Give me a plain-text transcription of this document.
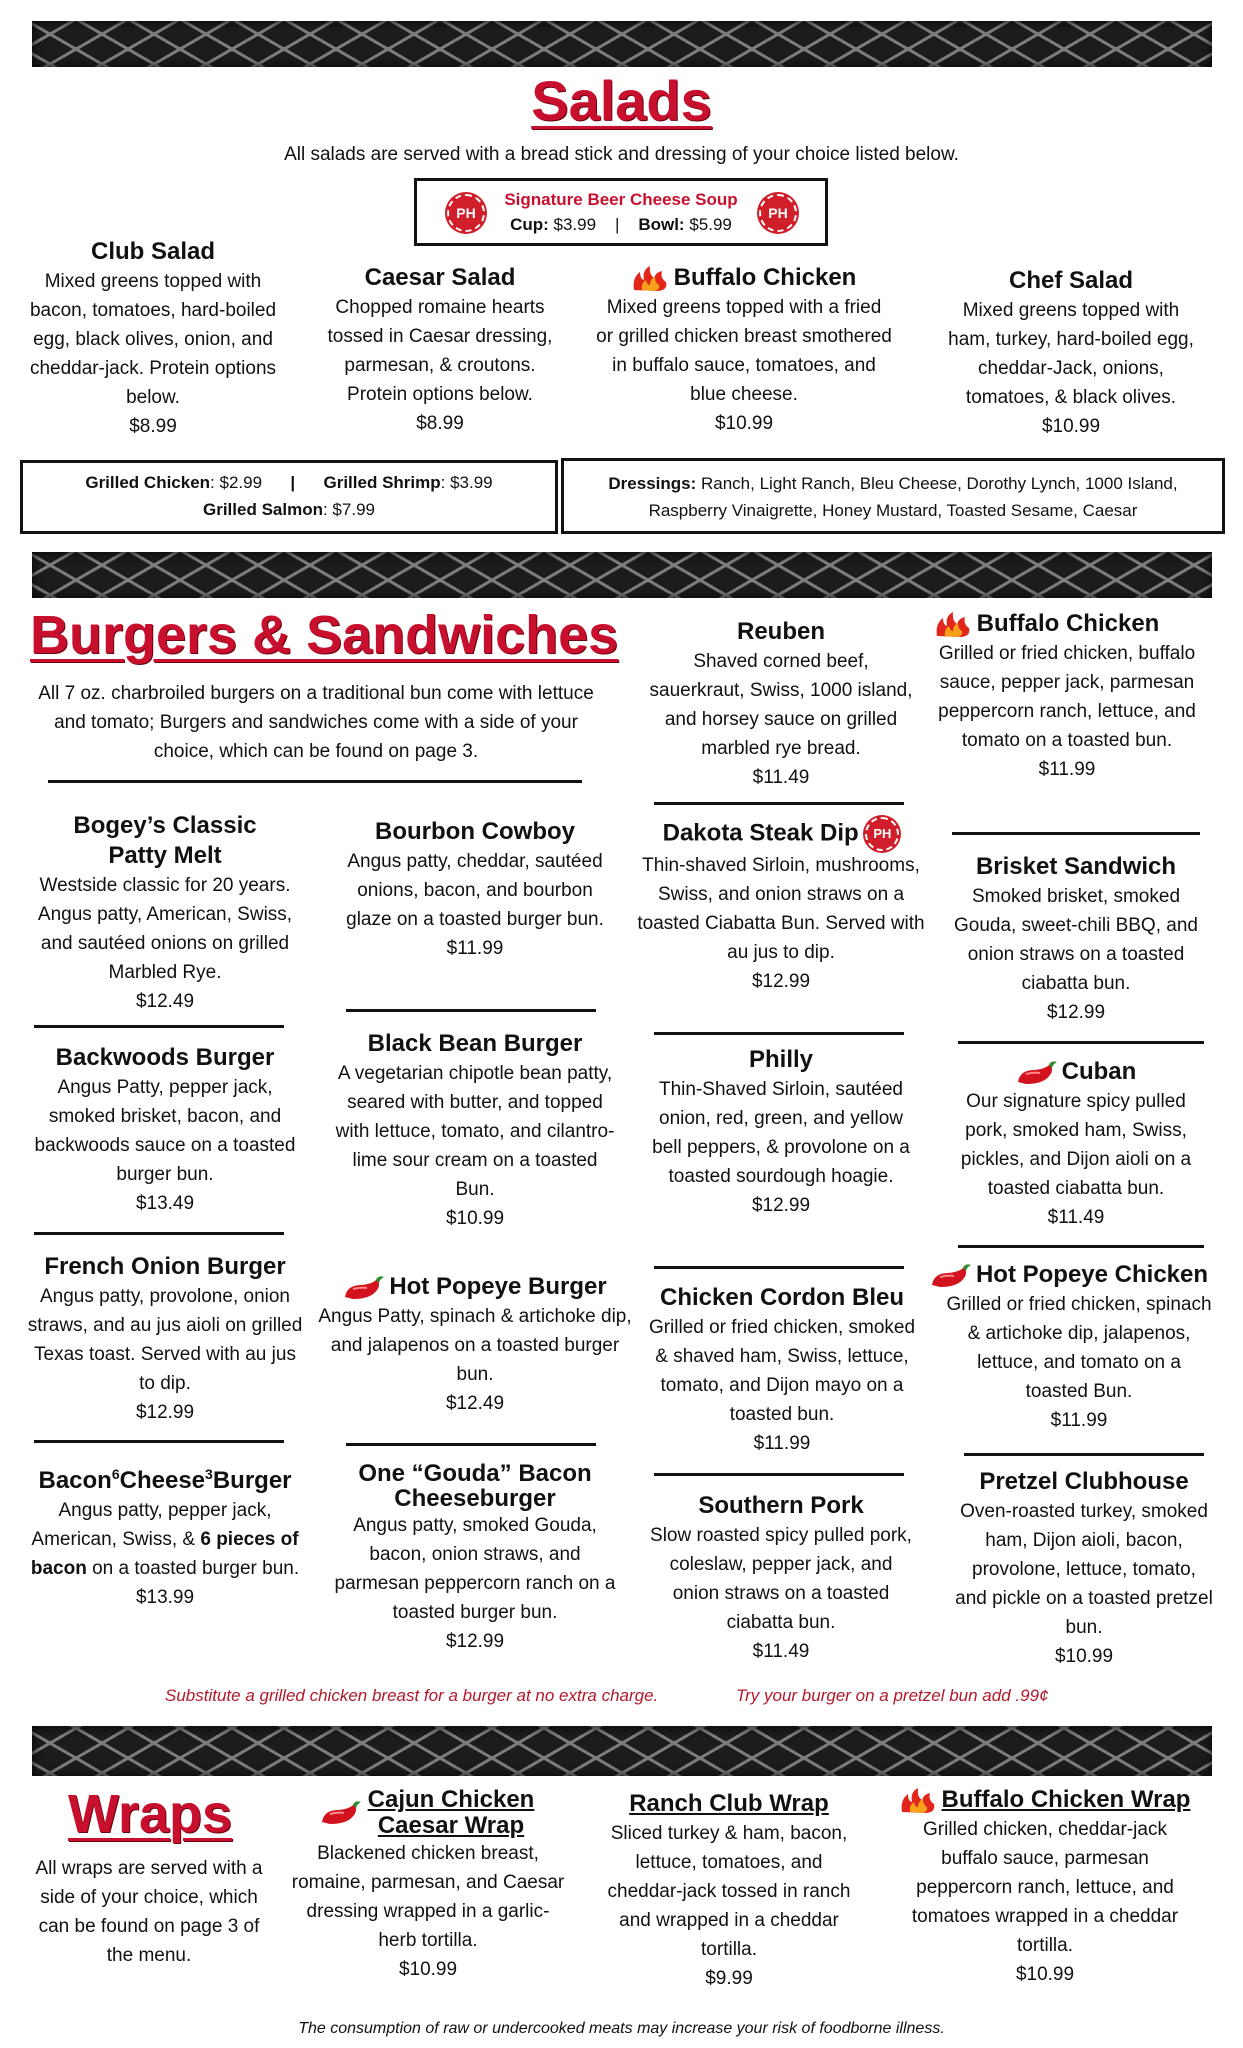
Salads
All salads are served with a bread stick and dressing of your choice listed below.
PH	PH
Signature Beer Cheese Soup
Cup: $3.99 | Bowl: $5.99
Club Salad
Mixed greens topped with bacon, tomatoes, hard-boiled egg, black olives, onion, and cheddar-jack. Protein options below.
$8.99
Caesar Salad
Chopped romaine hearts tossed in Caesar dressing, parmesan, & croutons. Protein options below.
$8.99
Buffalo Chicken
Mixed greens topped with a fried or grilled chicken breast smothered in buffalo sauce, tomatoes, and blue cheese.
$10.99
Chef Salad
Mixed greens topped with ham, turkey, hard-boiled egg, cheddar-Jack, onions, tomatoes, & black olives.
$10.99
Grilled Chicken: $2.99 | Grilled Shrimp: $3.99
Grilled Salmon: $7.99
Dressings: Ranch, Light Ranch, Bleu Cheese, Dorothy Lynch, 1000 Island, Raspberry Vinaigrette, Honey Mustard, Toasted Sesame, Caesar
Burgers & Sandwiches
All 7 oz. charbroiled burgers on a traditional bun come with lettuce and tomato; Burgers and sandwiches come with a side of your choice, which can be found on page 3.
Bogey’s Classic Patty Melt
Westside classic for 20 years. Angus patty, American, Swiss, and sautéed onions on grilled Marbled Rye.
$12.49
Backwoods Burger
Angus Patty, pepper jack, smoked brisket, bacon, and backwoods sauce on a toasted burger bun.
$13.49
French Onion Burger
Angus patty, provolone, onion straws, and au jus aioli on grilled Texas toast. Served with au jus to dip.
$12.99
Bacon$^6$Cheese$^3$Burger
Angus patty, pepper jack, American, Swiss, & 6 pieces of bacon on a toasted burger bun.
$13.99
Bourbon Cowboy
Angus patty, cheddar, sautéed onions, bacon, and bourbon glaze on a toasted burger bun.
$11.99
Black Bean Burger
A vegetarian chipotle bean patty, seared with butter, and topped with lettuce, tomato, and cilantro-lime sour cream on a toasted Bun.
$10.99
Hot Popeye Burger
Angus Patty, spinach & artichoke dip, and jalapenos on a toasted burger bun.
$12.49
One “Gouda” Bacon Cheeseburger
Angus patty, smoked Gouda, bacon, onion straws, and parmesan peppercorn ranch on a toasted burger bun.
$12.99
Reuben
Shaved corned beef, sauerkraut, Swiss, 1000 island, and horsey sauce on grilled marbled rye bread.
$11.49
Dakota Steak Dip PH
Thin-shaved Sirloin, mushrooms, Swiss, and onion straws on a toasted Ciabatta Bun. Served with au jus to dip.
$12.99
Philly
Thin-Shaved Sirloin, sautéed onion, red, green, and yellow bell peppers, & provolone on a toasted sourdough hoagie.
$12.99
Chicken Cordon Bleu
Grilled or fried chicken, smoked & shaved ham, Swiss, lettuce, tomato, and Dijon mayo on a toasted bun.
$11.99
Southern Pork
Slow roasted spicy pulled pork, coleslaw, pepper jack, and onion straws on a toasted ciabatta bun.
$11.49
Buffalo Chicken
Grilled or fried chicken, buffalo sauce, pepper jack, parmesan peppercorn ranch, lettuce, and tomato on a toasted bun.
$11.99
Brisket Sandwich
Smoked brisket, smoked Gouda, sweet-chili BBQ, and onion straws on a toasted ciabatta bun.
$12.99
Cuban
Our signature spicy pulled pork, smoked ham, Swiss, pickles, and Dijon aioli on a toasted ciabatta bun.
$11.49
Hot Popeye Chicken
Grilled or fried chicken, spinach & artichoke dip, jalapenos, lettuce, and tomato on a toasted Bun.
$11.99
Pretzel Clubhouse
Oven-roasted turkey, smoked ham, Dijon aioli, bacon, provolone, lettuce, tomato, and pickle on a toasted pretzel bun.
$10.99
Substitute a grilled chicken breast for a burger at no extra charge.	Try your burger on a pretzel bun add .99¢
Wraps
All wraps are served with a side of your choice, which can be found on page 3 of the menu.
Cajun Chicken Caesar Wrap
Blackened chicken breast, romaine, parmesan, and Caesar dressing wrapped in a garlic-herb tortilla.
$10.99
Ranch Club Wrap
Sliced turkey & ham, bacon, lettuce, tomatoes, and cheddar-jack tossed in ranch and wrapped in a cheddar tortilla.
$9.99
Buffalo Chicken Wrap
Grilled chicken, cheddar-jack buffalo sauce, parmesan peppercorn ranch, lettuce, and tomatoes wrapped in a cheddar tortilla.
$10.99
The consumption of raw or undercooked meats may increase your risk of foodborne illness.
